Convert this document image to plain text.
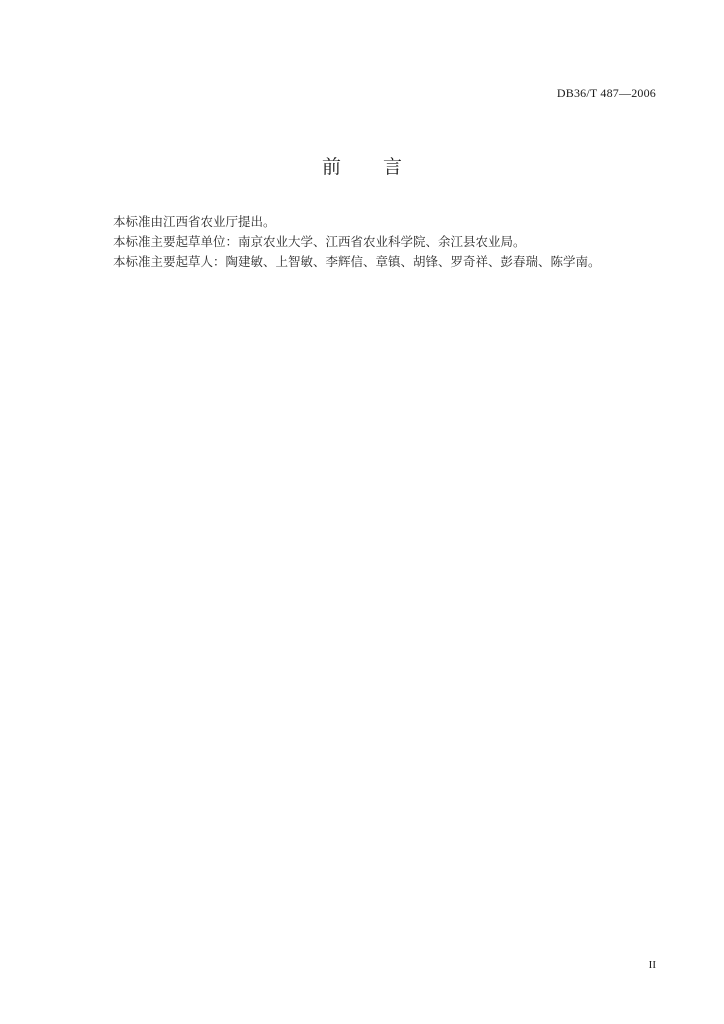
DB36/T 487—2006
前 言

本标准由江西省农业厅提出。

本标准主要起草单位：南京农业大学、江西省农业科学院、余江县农业局。

本标准主要起草人：陶建敏、上智敏、李辉信、章镇、胡锋、罗奇祥、彭春瑞、陈学南。

II
